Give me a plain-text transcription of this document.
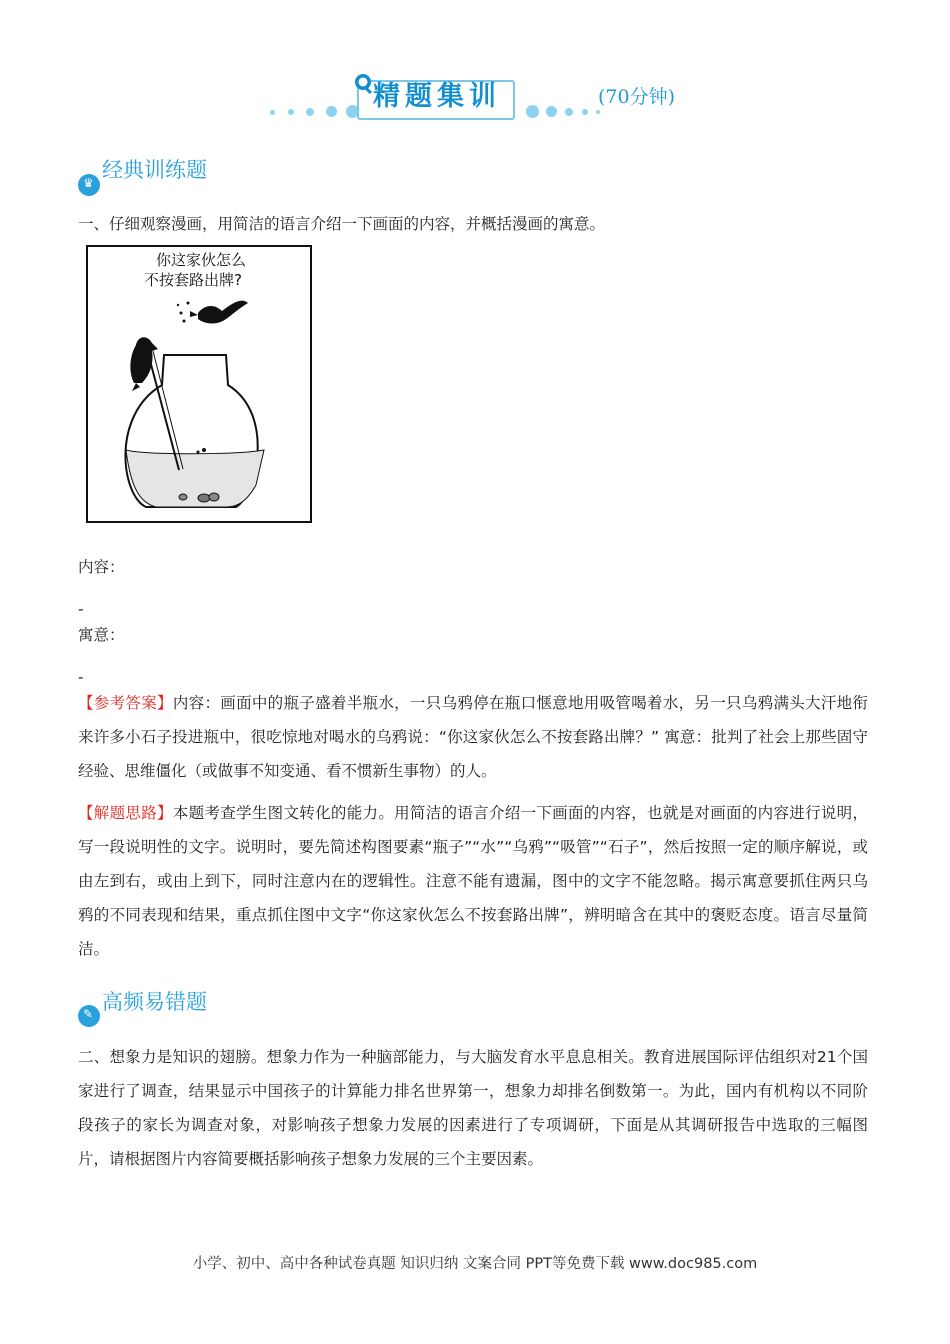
精题集训	(70分钟)
♛
经典训练题
一、仔细观察漫画，用简洁的语言介绍一下画面的内容，并概括漫画的寓意。
你这家伙怎么
不按套路出牌?
内容：
-
寓意：
-
【参考答案】内容：画面中的瓶子盛着半瓶水，一只乌鸦停在瓶口惬意地用吸管喝着水，另一只乌鸦满头大汗地衔来许多小石子投进瓶中，很吃惊地对喝水的乌鸦说：“你这家伙怎么不按套路出牌？” 寓意：批判了社会上那些固守经验、思维僵化（或做事不知变通、看不惯新生事物）的人。
【解题思路】本题考查学生图文转化的能力。用简洁的语言介绍一下画面的内容，也就是对画面的内容进行说明，写一段说明性的文字。说明时，要先简述构图要素“瓶子”“水”“乌鸦”“吸管”“石子”，然后按照一定的顺序解说，或由左到右，或由上到下，同时注意内在的逻辑性。注意不能有遗漏，图中的文字不能忽略。揭示寓意要抓住两只乌鸦的不同表现和结果，重点抓住图中文字“你这家伙怎么不按套路出牌”，辨明暗含在其中的褒贬态度。语言尽量简洁。
✎ 高频易错题
二、想象力是知识的翅膀。想象力作为一种脑部能力，与大脑发育水平息息相关。教育进展国际评估组织对21个国家进行了调查，结果显示中国孩子的计算能力排名世界第一，想象力却排名倒数第一。为此，国内有机构以不同阶段孩子的家长为调查对象，对影响孩子想象力发展的因素进行了专项调研，下面是从其调研报告中选取的三幅图片，请根据图片内容简要概括影响孩子想象力发展的三个主要因素。
小学、初中、高中各种试卷真题 知识归纳 文案合同 PPT等免费下载 www.doc985.com
